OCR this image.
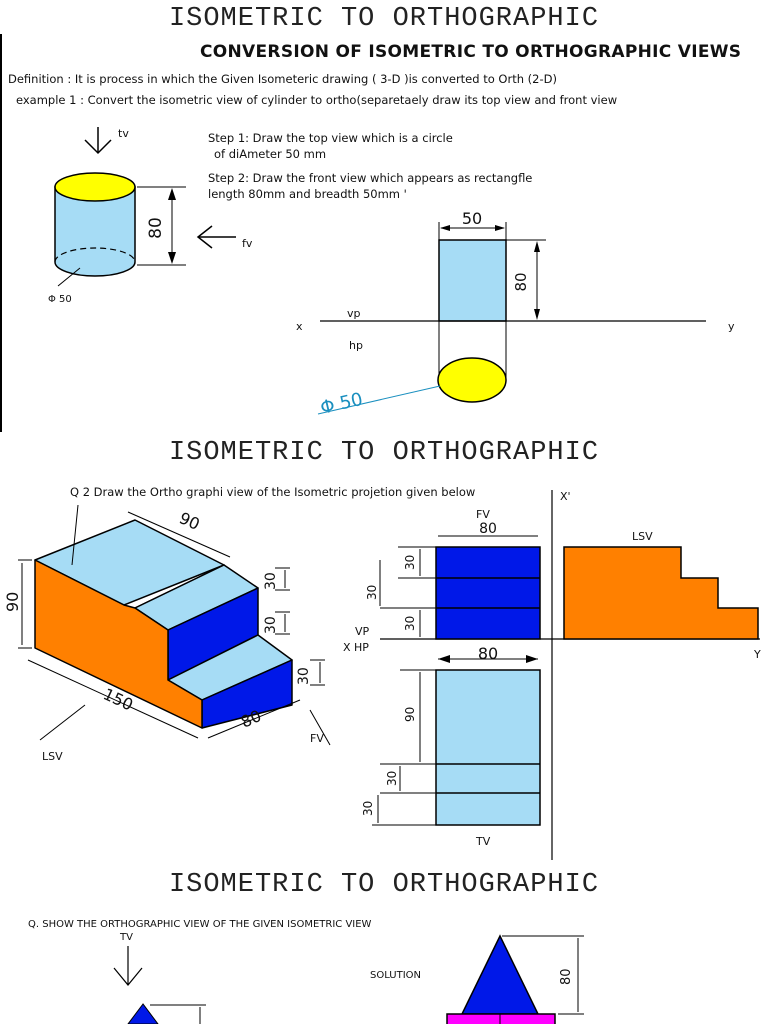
ISOMETRIC TO ORTHOGRAPHIC
CONVERSION OF ISOMETRIC TO ORTHOGRAPHIC VIEWS
Definition : It is process in which the Given Isometeric drawing ( 3-D )is converted to Orth (2-D)
example 1 : Convert the isometric view of cylinder to ortho(separetaely draw its top view and front view
Step 1: Draw the top view which is a circle
of diAmeter 50 mm
Step 2: Draw the front view which appears as rectangfle
length 80mm and breadth 50mm '
tv
80
fv
Φ 50
50
80
x	y
vp
hp
Φ 50
ISOMETRIC TO ORTHOGRAPHIC
Q 2 Draw the Ortho graphi view of the Isometric projetion given below
90
90
150
80
30
30
30
LSV
FV
X'
FV
80
30
30
30
VP
X HP
LSV
Y
80
90
30
30
TV
ISOMETRIC TO ORTHOGRAPHIC
Q. SHOW THE ORTHOGRAPHIC VIEW OF THE GIVEN ISOMETRIC VIEW
TV
SOLUTION	80
